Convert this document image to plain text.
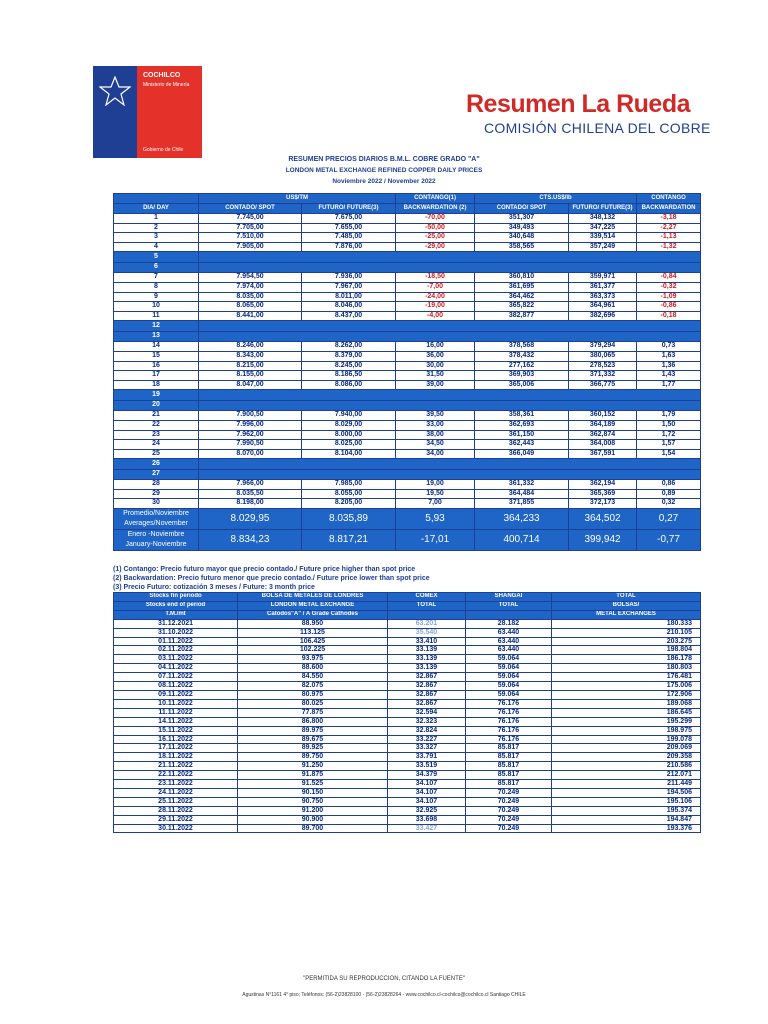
COCHILCO
Ministerio de Minería
Gobierno de Chile
Resumen La Rueda
COMISIÓN CHILENA DEL COBRE
RESUMEN PRECIOS DIARIOS B.M.L. COBRE GRADO "A"
LONDON METAL EXCHANGE REFINED COPPER DAILY PRICES
Noviembre 2022 / November 2022
	US$/TM		CONTANGO(1)	CTS.US$/lb		CONTANGO
DIA/ DAY	CONTADO/ SPOT	FUTURO/ FUTURE(3)	BACKWARDATION (2)	CONTADO/ SPOT	FUTURO/ FUTURE(3)	BACKWARDATION
1	7.745,00	7.675,00	-70,00	351,307	348,132	-3,18
2	7.705,00	7.655,00	-50,00	349,493	347,225	-2,27
3	7.510,00	7.485,00	-25,00	340,648	339,514	-1,13
4	7.905,00	7.876,00	-29,00	358,565	357,249	-1,32
5						
6						
7	7.954,50	7.936,00	-18,50	360,810	359,971	-0,84
8	7.974,00	7.967,00	-7,00	361,695	361,377	-0,32
9	8.035,00	8.011,00	-24,00	364,462	363,373	-1,09
10	8.065,00	8.046,00	-19,00	365,822	364,961	-0,86
11	8.441,00	8.437,00	-4,00	382,877	382,696	-0,18
12						
13						
14	8.246,00	8.262,00	16,00	378,568	379,294	0,73
15	8.343,00	8.379,00	36,00	378,432	380,065	1,63
16	8.215,00	8.245,00	30,00	277,162	278,523	1,36
17	8.155,00	8.186,50	31,50	369,903	371,332	1,43
18	8.047,00	8.086,00	39,00	365,006	366,775	1,77
19						
20						
21	7.900,50	7.940,00	39,50	358,361	360,152	1,79
22	7.996,00	8.029,00	33,00	362,693	364,189	1,50
23	7.962,00	8.000,00	38,00	361,150	362,874	1,72
24	7.990,50	8.025,00	34,50	362,443	364,008	1,57
25	8.070,00	8.104,00	34,00	366,049	367,591	1,54
26						
27						
28	7.966,00	7.985,00	19,00	361,332	362,194	0,86
29	8.035,50	8.055,00	19,50	364,484	365,369	0,89
30	8.198,00	8.205,00	7,00	371,855	372,173	0,32

Promedio/Noviembre
Averages/November	8.029,95	8.035,89	5,93	364,233	364,502	0,27

Enero -Noviembre
January-Noviembre	8.834,23	8.817,21	-17,01	400,714	399,942	-0,77
(1) Contango: Precio futuro mayor que precio contado./ Future price higher than spot price
(2) Backwardation: Precio futuro menor que precio contado./ Future price lower than spot price
(3) Precio Futuro: cotización 3 meses / Future: 3 month price
Stocks fin periodo	BOLSA DE METALES DE LONDRES	COMEX	SHANGAI	TOTAL
Stocks end of period	LONDON METAL EXCHANGE	TOTAL	TOTAL	BOLSAS/
T.M./mt	Catodos"A" / A Grade Cathodes			METAL EXCHANGES
31.12.2021	88.950	63.201	28.182	180.333
31.10.2022	113.125	35.540	63.440	210.105
01.11.2022	106.425	33.410	63.440	203.275
02.11.2022	102.225	33.139	63.440	198.804
03.11.2022	93.975	33.139	59.064	186.178
04.11.2022	88.600	33.139	59.064	180.803
07.11.2022	84.550	32.867	59.064	176.481
08.11.2022	82.075	32.867	59.064	175.006
09.11.2022	80.975	32.867	59.064	172.906
10.11.2022	80.025	32.867	76.176	189.068
11.11.2022	77.875	32.594	76.176	186.645
14.11.2022	86.800	32.323	76.176	195.299
15.11.2022	89.975	32.824	76.176	198.975
16.11.2022	89.675	33.227	76.176	199.078
17.11.2022	89.925	33.327	85.817	209.069
18.11.2022	89.750	33.791	85.817	209.358
21.11.2022	91.250	33.519	85.817	210.586
22.11.2022	91.875	34.379	85.817	212.071
23.11.2022	91.525	34.107	85.817	211.449
24.11.2022	90.150	34.107	70.249	194.506
25.11.2022	90.750	34.107	70.249	195.106
28.11.2022	91.200	32.925	70.249	195.374
29.11.2022	90.900	33.698	70.249	194.847
30.11.2022	89.700	33.427	70.249	193.376
"PERMITIDA SU REPRODUCCION, CITANDO LA FUENTE"
Agustinas N°1161 4° piso; Teléfonos: (56-2)23828100 - (56-2)23828264 - www.cochilco.cl-cochilco@cochilco.cl Santiago CHILE
